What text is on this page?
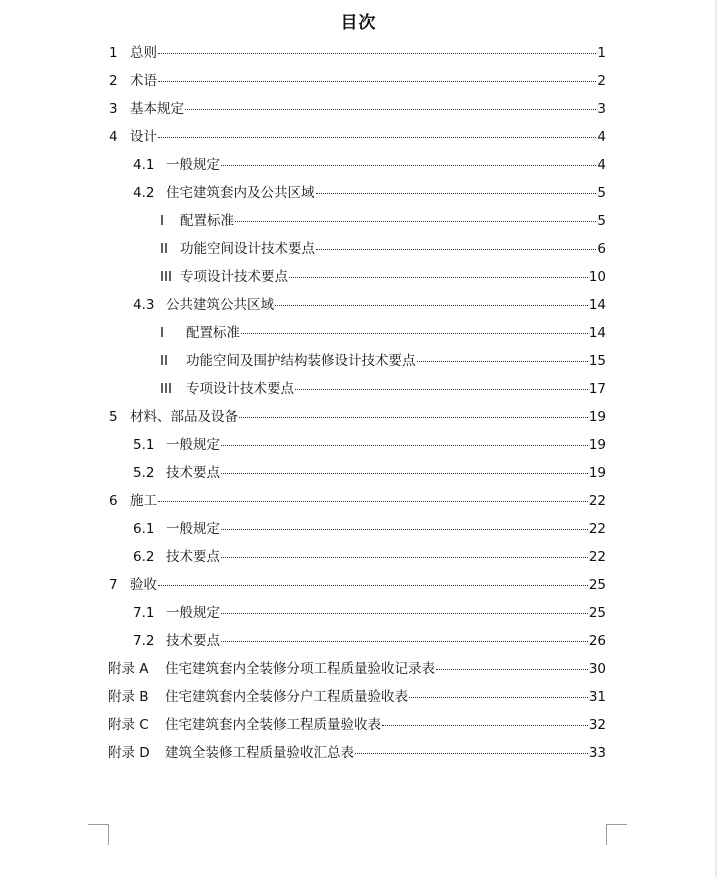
目次
1 总则	1
2 术语	2
3 基本规定	3
4 设计	4
4.1 一般规定	4
4.2 住宅建筑套内及公共区域	5
I	配置标准	5
II 功能空间设计技术要点	6
III 专项设计技术要点	10
4.3 公共建筑公共区域	14
I	配置标准	14
II	功能空间及围护结构装修设计技术要点	15
III	专项设计技术要点	17
5 材料、部品及设备	19
5.1 一般规定	19
5.2 技术要点	19
6 施工	22
6.1 一般规定	22
6.2 技术要点	22
7 验收	25
7.1 一般规定	25
7.2 技术要点	26
附录 A	住宅建筑套内全装修分项工程质量验收记录表	30
附录 B	住宅建筑套内全装修分户工程质量验收表	31
附录 C	住宅建筑套内全装修工程质量验收表	32
附录 D	建筑全装修工程质量验收汇总表	33
